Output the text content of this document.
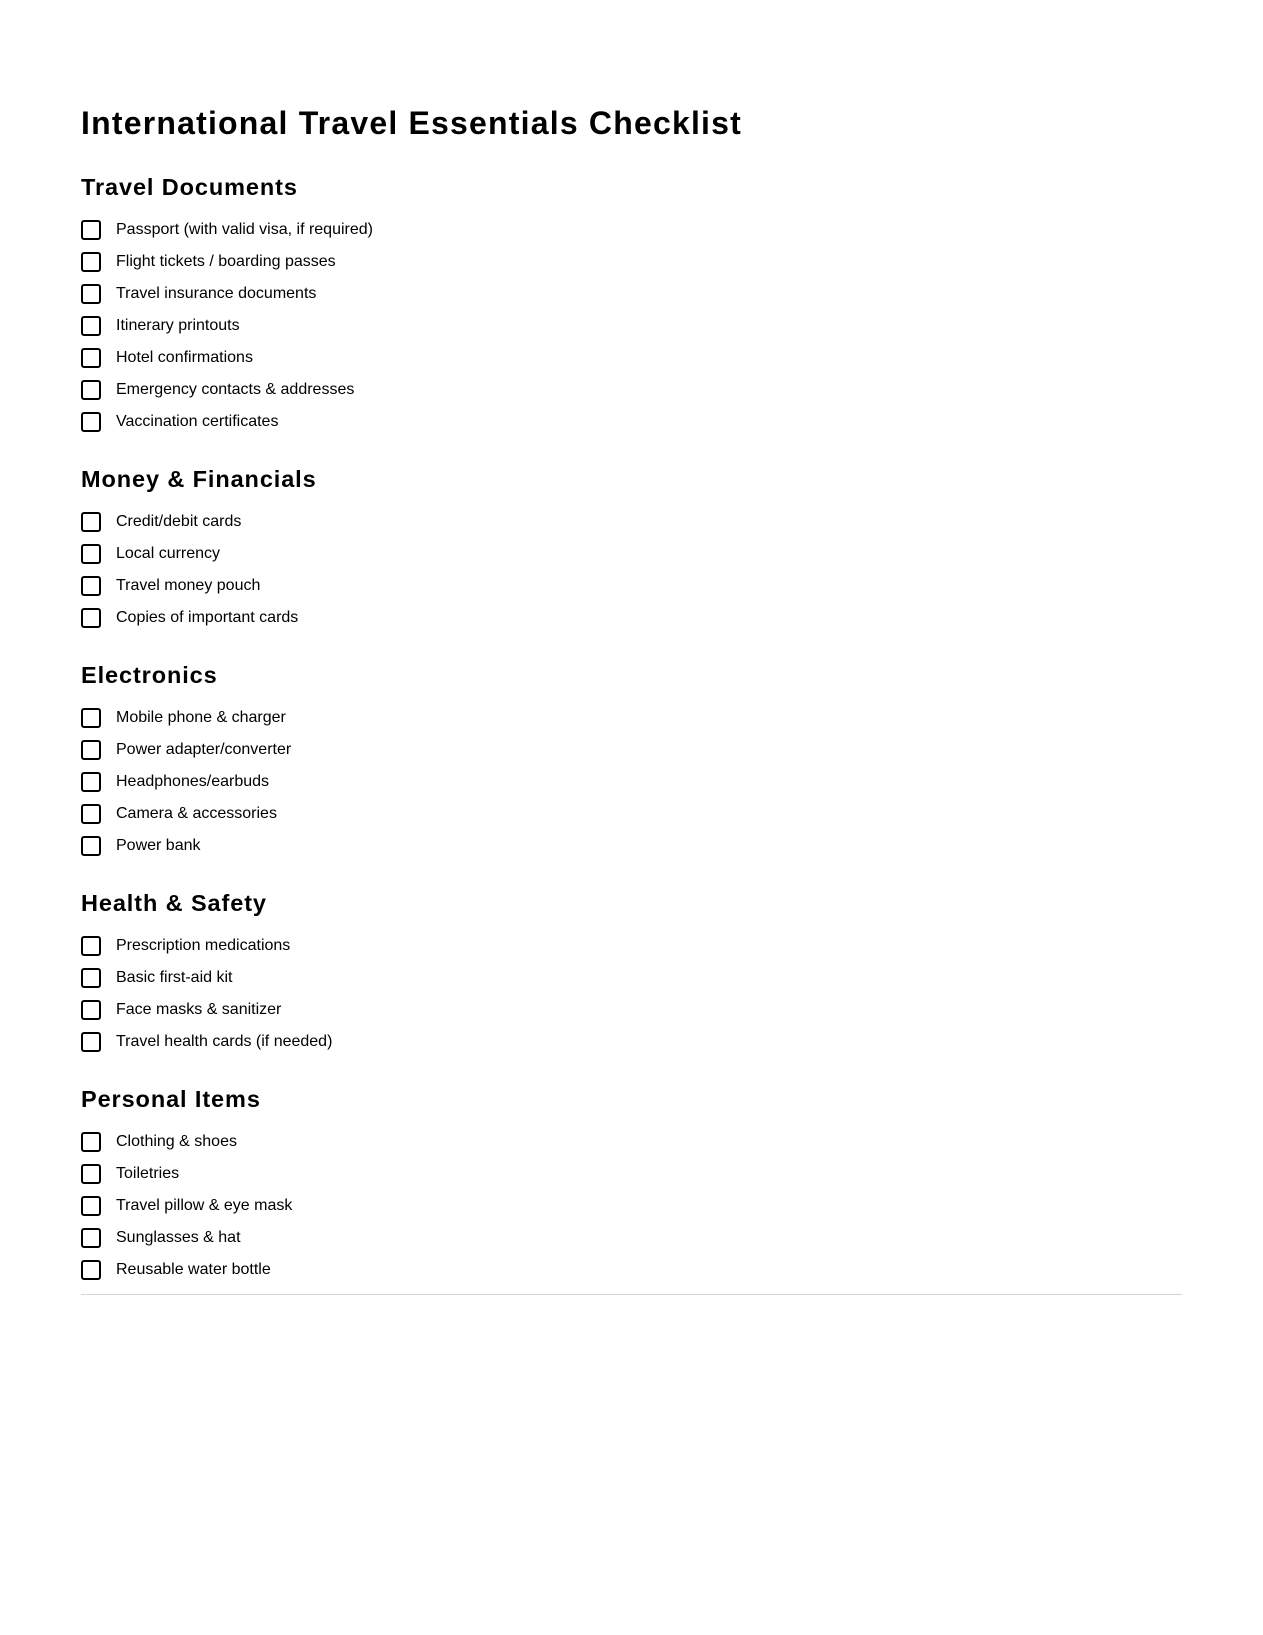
International Travel Essentials Checklist
Travel Documents
Passport (with valid visa, if required)
Flight tickets / boarding passes
Travel insurance documents
Itinerary printouts
Hotel confirmations
Emergency contacts & addresses
Vaccination certificates
Money & Financials
Credit/debit cards
Local currency
Travel money pouch
Copies of important cards
Electronics
Mobile phone & charger
Power adapter/converter
Headphones/earbuds
Camera & accessories
Power bank
Health & Safety
Prescription medications
Basic first-aid kit
Face masks & sanitizer
Travel health cards (if needed)
Personal Items
Clothing & shoes
Toiletries
Travel pillow & eye mask
Sunglasses & hat
Reusable water bottle
